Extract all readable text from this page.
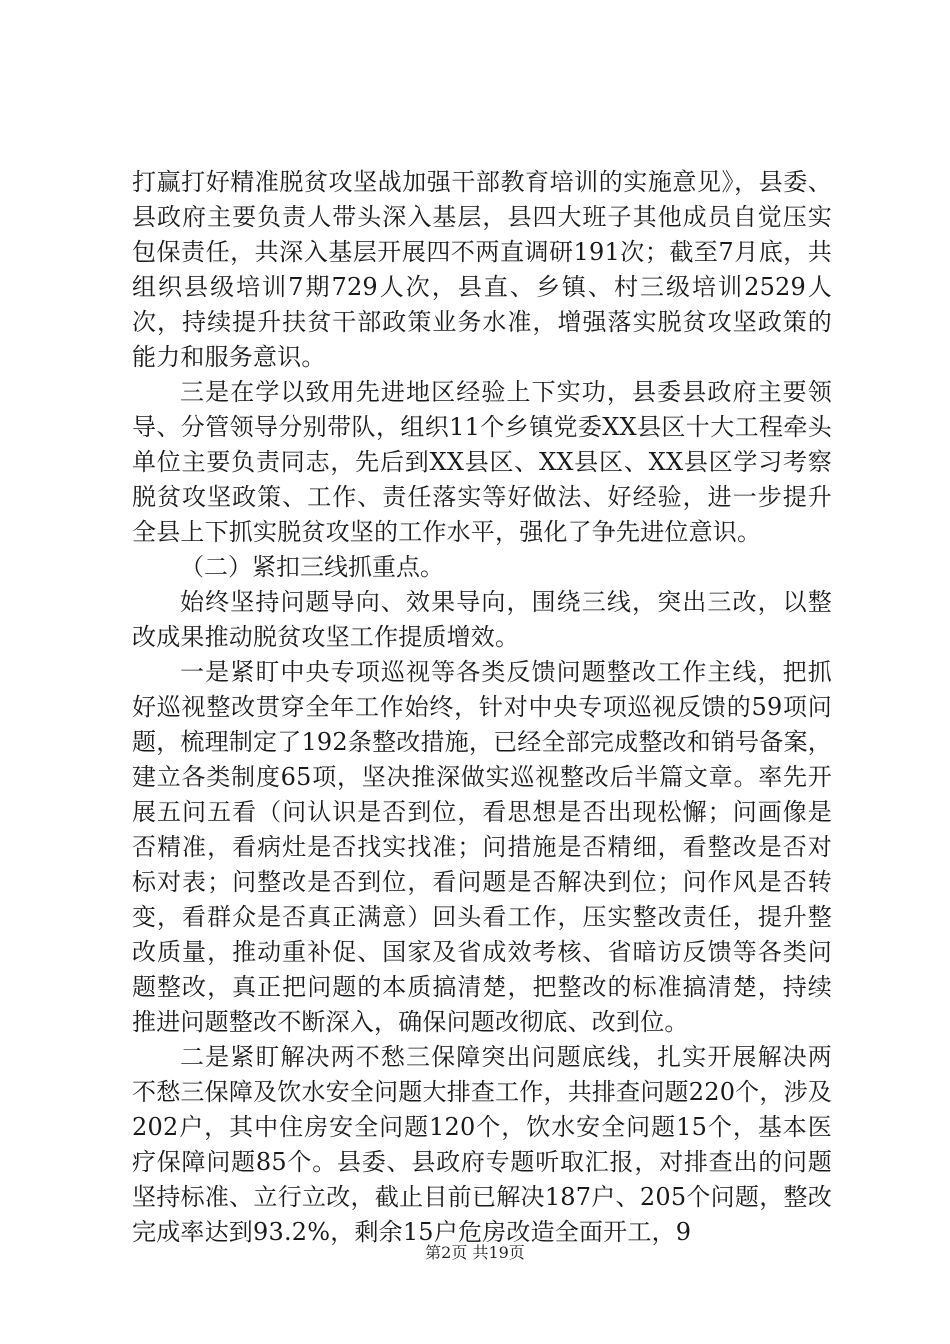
打赢打好精准脱贫攻坚战加强干部教育培训的实施意见》，县委、县政府主要负责人带头深入基层，县四大班子其他成员自觉压实包保责任，共深入基层开展四不两直调研191次；截至7月底，共组织县级培训7期729人次，县直、乡镇、村三级培训2529人次，持续提升扶贫干部政策业务水准，增强落实脱贫攻坚政策的能力和服务意识。

三是在学以致用先进地区经验上下实功，县委县政府主要领导、分管领导分别带队，组织11个乡镇党委XX县区十大工程牵头单位主要负责同志，先后到XX县区、XX县区、XX县区学习考察脱贫攻坚政策、工作、责任落实等好做法、好经验，进一步提升全县上下抓实脱贫攻坚的工作水平，强化了争先进位意识。

（二）紧扣三线抓重点。

始终坚持问题导向、效果导向，围绕三线，突出三改，以整改成果推动脱贫攻坚工作提质增效。

一是紧盯中央专项巡视等各类反馈问题整改工作主线，把抓好巡视整改贯穿全年工作始终，针对中央专项巡视反馈的59项问题，梳理制定了192条整改措施，已经全部完成整改和销号备案，建立各类制度65项，坚决推深做实巡视整改后半篇文章。率先开展五问五看（问认识是否到位，看思想是否出现松懈；问画像是否精准，看病灶是否找实找准；问措施是否精细，看整改是否对标对表；问整改是否到位，看问题是否解决到位；问作风是否转变，看群众是否真正满意）回头看工作，压实整改责任，提升整改质量，推动重补促、国家及省成效考核、省暗访反馈等各类问题整改，真正把问题的本质搞清楚，把整改的标准搞清楚，持续推进问题整改不断深入，确保问题改彻底、改到位。

二是紧盯解决两不愁三保障突出问题底线，扎实开展解决两不愁三保障及饮水安全问题大排查工作，共排查问题220个，涉及202户，其中住房安全问题120个，饮水安全问题15个，基本医疗保障问题85个。县委、县政府专题听取汇报，对排查出的问题坚持标准、立行立改，截止目前已解决187户、205个问题，整改完成率达到93.2%，剩余15户危房改造全面开工，9

第2页 共19页
